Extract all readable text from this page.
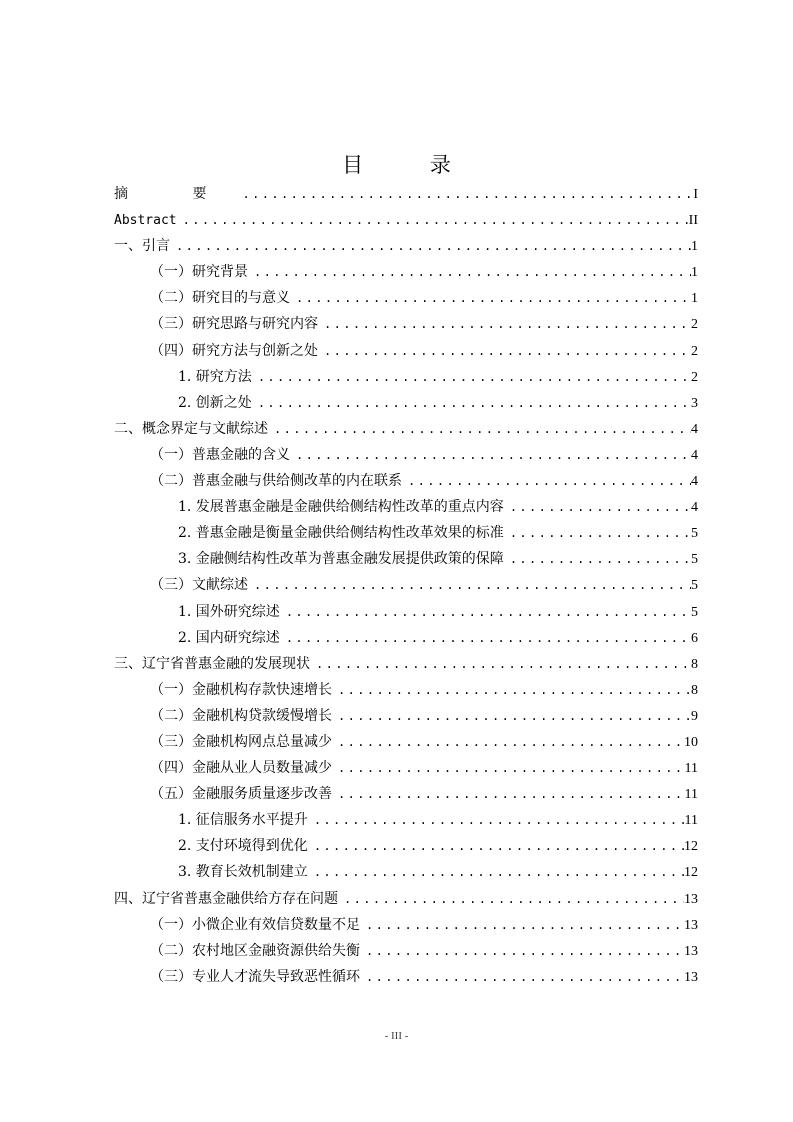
目 录
摘 要 .....	I
Abstract .....	II
一、引言 .....	1
（一）研究背景 .....	1
（二）研究目的与意义 .....	1
（三）研究思路与研究内容 .....	2
（四）研究方法与创新之处 .....	2
1. 研究方法 .....	2
2. 创新之处 .....	3
二、概念界定与文献综述 .....	4
（一）普惠金融的含义 .....	4
（二）普惠金融与供给侧改革的内在联系 .....	4
1. 发展普惠金融是金融供给侧结构性改革的重点内容 .....	4
2. 普惠金融是衡量金融供给侧结构性改革效果的标准 .....	5
3. 金融侧结构性改革为普惠金融发展提供政策的保障 .....	5
（三）文献综述 .....	5
1. 国外研究综述 .....	5
2. 国内研究综述 .....	6
三、辽宁省普惠金融的发展现状 .....	8
（一）金融机构存款快速增长 .....	8
（二）金融机构贷款缓慢增长 .....	9
（三）金融机构网点总量减少 .....	10
（四）金融从业人员数量减少 .....	11
（五）金融服务质量逐步改善 .....	11
1. 征信服务水平提升 .....	11
2. 支付环境得到优化 .....	12
3. 教育长效机制建立 .....	12
四、辽宁省普惠金融供给方存在问题 .....	13
（一）小微企业有效信贷数量不足 .....	13
（二）农村地区金融资源供给失衡 .....	13
（三）专业人才流失导致恶性循环 .....	13
- III -
